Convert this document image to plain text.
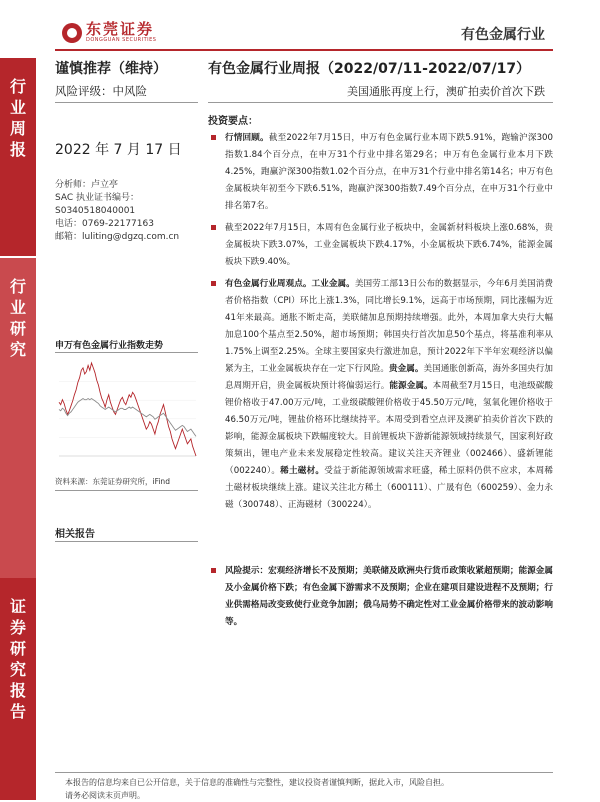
东莞证券
DONGGUAN SECURITIES	有色金属行业
行
业
周
报
行
业
研
究
证
券
研
究
报
告
谨慎推荐（维持）
风险评级：中风险
2022 年 7 月 17 日
分析师：卢立亭
SAC 执业证书编号：
S0340518040001
电话：0769-22177163
邮箱：luliting@dgzq.com.cn
申万有色金属行业指数走势
资料来源：东莞证券研究所，iFind
相关报告
有色金属行业周报（2022/07/11-2022/07/17）
美国通胀再度上行，澳矿拍卖价首次下跌
投资要点：
行情回顾。截至2022年7月15日，申万有色金属行业本周下跌5.91%，跑输沪深300指数1.84个百分点，在申万31个行业中排名第29名；申万有色金属行业本月下跌4.25%，跑赢沪深300指数1.02个百分点，在申万31个行业中排名第14名；申万有色金属板块年初至今下跌6.51%，跑赢沪深300指数7.49个百分点，在申万31个行业中排名第7名。
截至2022年7月15日，本周有色金属行业子板块中，金属新材料板块上涨0.68%，贵金属板块下跌3.07%，工业金属板块下跌4.17%，小金属板块下跌6.74%，能源金属板块下跌9.40%。
有色金属行业周观点。工业金属。美国劳工部13日公布的数据显示，今年6月美国消费者价格指数（CPI）环比上涨1.3%，同比增长9.1%，远高于市场预期，同比涨幅为近41年来最高。通胀不断走高，美联储加息预期持续增强。此外，本周加拿大央行大幅加息100个基点至2.50%，超市场预期；韩国央行首次加息50个基点，将基准利率从1.75%上调至2.25%。全球主要国家央行激进加息，预计2022年下半年宏观经济以偏紧为主，工业金属板块存在一定下行风险。贵金属。美国通胀创新高，海外多国央行加息周期开启，贵金属板块预计将偏弱运行。能源金属。本周截至7月15日，电池级碳酸锂价格收于47.00万元/吨，工业级碳酸锂价格收于45.50万元/吨，氢氧化锂价格收于46.50万元/吨，锂盐价格环比继续持平。本周受到看空点评及澳矿拍卖价首次下跌的影响，能源金属板块下跌幅度较大。目前锂板块下游新能源领域持续景气，国家利好政策频出，锂电产业未来发展稳定性较高。建议关注天齐锂业（002466）、盛新锂能（002240）。稀土磁材。受益于新能源领域需求旺盛，稀土原料仍供不应求，本周稀土磁材板块继续上涨。建议关注北方稀土（600111）、广晟有色（600259）、金力永磁（300748）、正海磁材（300224）。
风险提示：宏观经济增长不及预期；美联储及欧洲央行货币政策收紧超预期；能源金属及小金属价格下跌；有色金属下游需求不及预期；企业在建项目建设进程不及预期；行业供需格局改变致使行业竞争加剧；俄乌局势不确定性对工业金属价格带来的波动影响等。
本报告的信息均来自已公开信息，关于信息的准确性与完整性，建议投资者谨慎判断，据此入市，风险自担。
请务必阅读末页声明。
